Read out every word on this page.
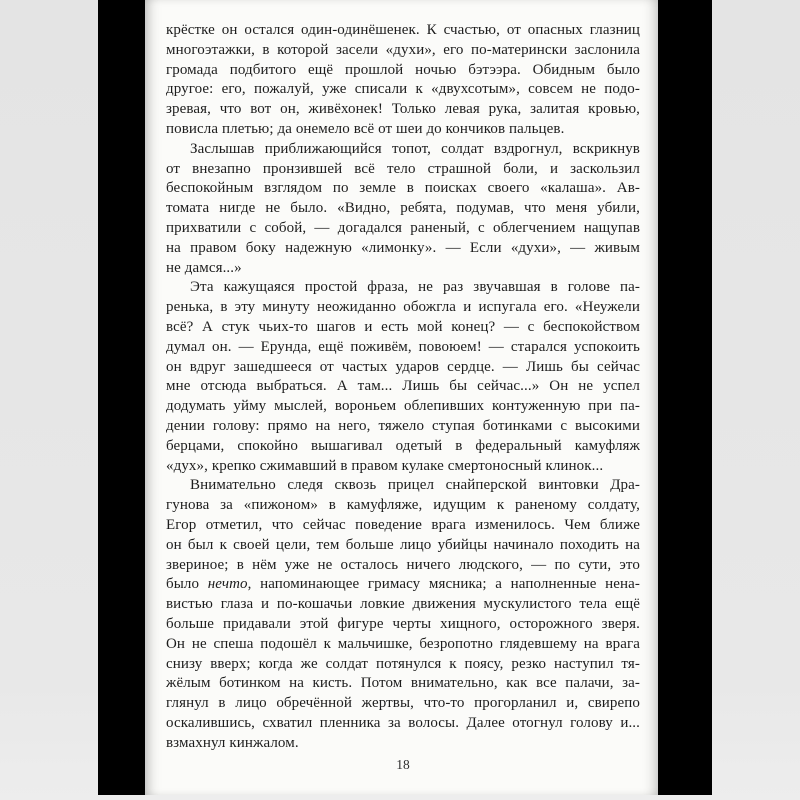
крёстке он остался один-одинёшенек. К счастью, от опасных глазниц
многоэтажки, в которой засели «духи», его по-матерински заслонила
громада подбитого ещё прошлой ночью бэтээра. Обидным было
другое: его, пожалуй, уже списали к «двухсотым», совсем не подо-
зревая, что вот он, живёхонек! Только левая рука, залитая кровью,
повисла плетью; да онемело всё от шеи до кончиков пальцев.
Заслышав приближающийся топот, солдат вздрогнул, вскрикнув
от внезапно пронзившей всё тело страшной боли, и заскользил
беспокойным взглядом по земле в поисках своего «калаша». Ав-
томата нигде не было. «Видно, ребята, подумав, что меня убили,
прихватили с собой, — догадался раненый, с облегчением нащупав
на правом боку надежную «лимонку». — Если «духи», — живым
не дамся...»
Эта кажущаяся простой фраза, не раз звучавшая в голове па-
ренька, в эту минуту неожиданно обожгла и испугала его. «Неужели
всё? А стук чьих-то шагов и есть мой конец? — с беспокойством
думал он. — Ерунда, ещё поживём, повоюем! — старался успокоить
он вдруг зашедшееся от частых ударов сердце. — Лишь бы сейчас
мне отсюда выбраться. А там... Лишь бы сейчас...» Он не успел
додумать уйму мыслей, вороньем облепивших контуженную при па-
дении голову: прямо на него, тяжело ступая ботинками с высокими
берцами, спокойно вышагивал одетый в федеральный камуфляж
«дух», крепко сжимавший в правом кулаке смертоносный клинок...
Внимательно следя сквозь прицел снайперской винтовки Дра-
гунова за «пижоном» в камуфляже, идущим к раненому солдату,
Егор отметил, что сейчас поведение врага изменилось. Чем ближе
он был к своей цели, тем больше лицо убийцы начинало походить на
звериное; в нём уже не осталось ничего людского, — по сути, это
было нечто, напоминающее гримасу мясника; а наполненные нена-
вистью глаза и по-кошачьи ловкие движения мускулистого тела ещё
больше придавали этой фигуре черты хищного, осторожного зверя.
Он не спеша подошёл к мальчишке, безропотно глядевшему на врага
снизу вверх; когда же солдат потянулся к поясу, резко наступил тя-
жёлым ботинком на кисть. Потом внимательно, как все палачи, за-
глянул в лицо обречённой жертвы, что-то прогорланил и, свирепо
оскалившись, схватил пленника за волосы. Далее отогнул голову и...
взмахнул кинжалом.
18
